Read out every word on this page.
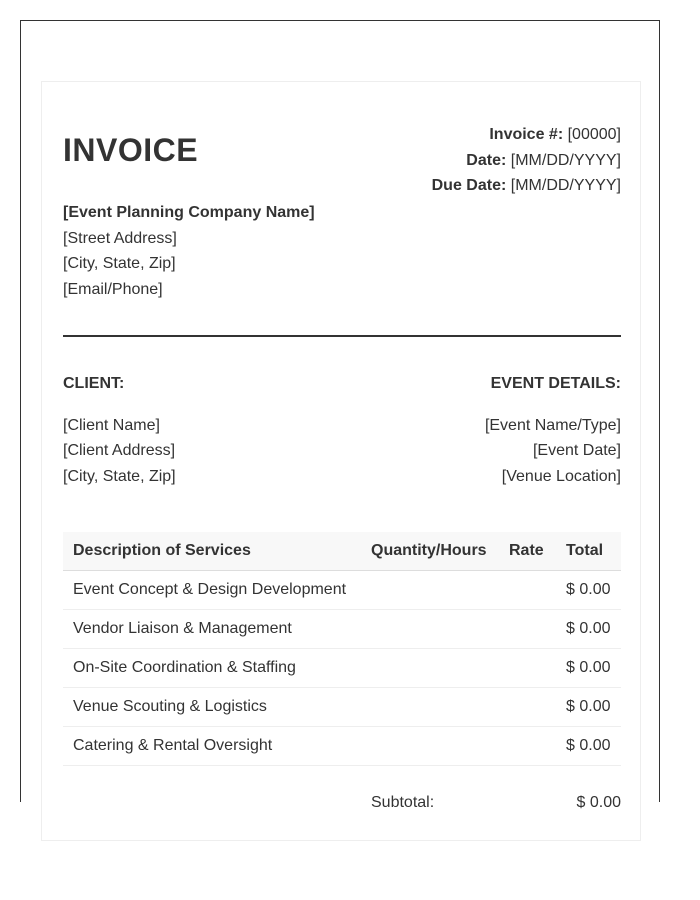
INVOICE	Invoice #: [00000]
Date: [MM/DD/YYYY]
Due Date: [MM/DD/YYYY]
[Event Planning Company Name]
[Street Address]
[City, State, Zip]
[Email/Phone]
CLIENT:
[Client Name]
[Client Address]
[City, State, Zip]
EVENT DETAILS:
[Event Name/Type]
[Event Date]
[Venue Location]
Description of Services	Quantity/Hours	Rate	Total
Event Concept & Design Development			$ 0.00
Vendor Liaison & Management			$ 0.00
On-Site Coordination & Staffing			$ 0.00
Venue Scouting & Logistics			$ 0.00
Catering & Rental Oversight			$ 0.00
Subtotal:	$ 0.00
